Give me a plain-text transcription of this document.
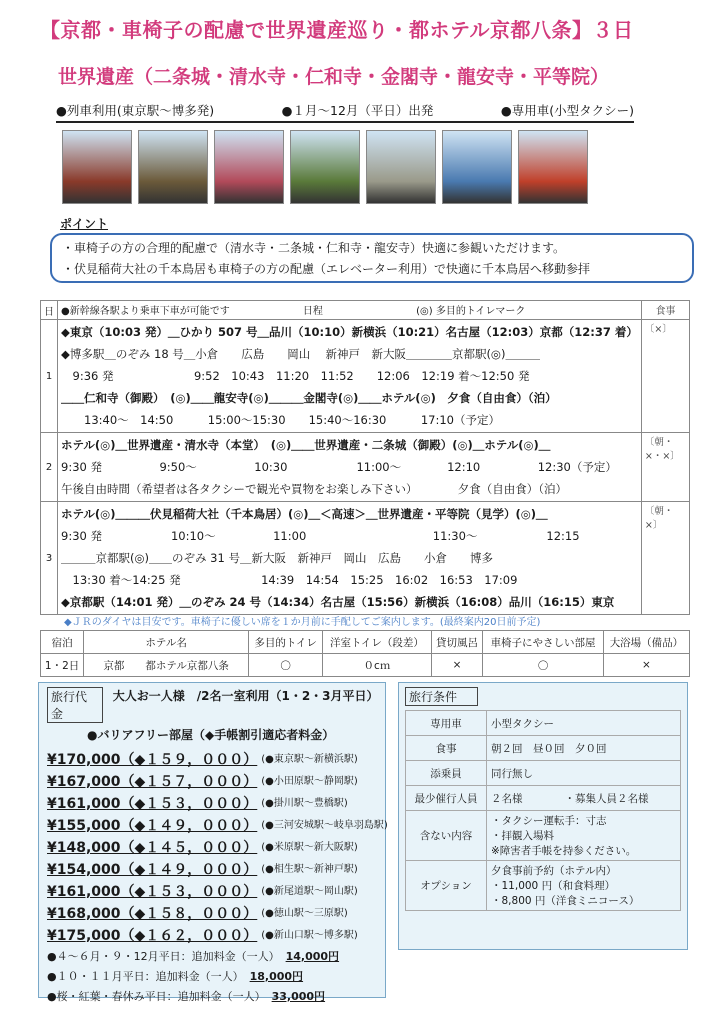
【京都・車椅子の配慮で世界遺産巡り・都ホテル京都八条】３日
世界遺産（二条城・清水寺・仁和寺・金閣寺・龍安寺・平等院）
●列車利用(東京駅～博多発)	●１月～12月（平日）出発	●専用車(小型タクシー)
ポイント
・車椅子の方の合理的配慮で（清水寺・二条城・仁和寺・龍安寺）快適に参観いただけます。
・伏見稲荷大社の千本鳥居も車椅子の方の配慮（エレベーター利用）で快適に千本鳥居へ移動参拝
日	●新幹線各駅より乗車下車が可能です 日程 (◎) 多目的トイレマーク	食事
1	◆東京（10:03 発）＿ひかり 507 号＿品川（10:10）新横浜（10:21）名古屋（12:03）京都（12:37 着）
◆博多駅＿のぞみ 18 号＿小倉　　広島　　岡山　 新神戸　新大阪＿＿＿＿京都駅(◎)＿＿＿
　9:36 発　　　　　　　9:52　10:43　11:20　11:52　　12:06　12:19 着～12:50 発
＿＿仁和寺（御殿）　(◎)＿＿龍安寺(◎)＿＿＿金閣寺(◎)＿＿ホテル(◎)　夕食（自由食）（泊）
　　13:40～　14:50　　　15:00～15:30　　15:40～16:30　　　17:10（予定）	〔×〕
2	ホテル(◎)＿世界遺産・清水寺（本堂）　(◎)＿＿世界遺産・二条城（御殿）(◎)＿ホテル(◎)＿
9:30 発　　　　　9:50～　　　　　10:30　　　　　　11:00～　　　　12:10　　　　　12:30（予定）
午後自由時間（希望者は各タクシーで観光や買物をお楽しみ下さい）　　　　夕食（自由食）（泊）	〔朝・×・×〕
3	ホテル(◎)＿＿＿伏見稲荷大社（千本鳥居）(◎)＿＜高速＞＿世界遺産・平等院（見学）(◎)＿
9:30 発　　　　　　10:10～　　　　　11:00　　　　　　　　　　　11:30～　　　　　　12:15
＿＿＿京都駅(◎)＿＿のぞみ 31 号＿新大阪　新神戸　岡山　広島　　小倉　　博多
　13:30 着～14:25 発　　　　　　　14:39　14:54　15:25　16:02　16:53　17:09
◆京都駅（14:01 発）＿のぞみ 24 号（14:34）名古屋（15:56）新横浜（16:08）品川（16:15）東京	〔朝・×〕
◆ＪＲのダイヤは目安です。車椅子に優しい席を１か月前に手配してご案内します。(最終案内20日前予定)
宿泊	ホテル名	多目的トイレ	洋室トイレ（段差）	貸切風呂	車椅子にやさしい部屋	大浴場（備品）
1・2日	京都　　都ホテル京都八条	〇	０cｍ	×	〇	×
旅行代金
大人お一人様　/2名一室利用（1・2・3月平日）
●バリアフリー部屋（◆手帳割引適応者料金）
¥170,000（◆１５９，０００） (●東京駅～新横浜駅)
¥167,000（◆１５７，０００） (●小田原駅～静岡駅)
¥161,000（◆１５３，０００） (●掛川駅～豊橋駅)
¥155,000（◆１４９，０００） (●三河安城駅～岐阜羽島駅)
¥148,000（◆１４５，０００） (●米原駅～新大阪駅)
¥154,000（◆１４９，０００） (●相生駅～新神戸駅)
¥161,000（◆１５３，０００） (●新尾道駅～岡山駅)
¥168,000（◆１５８，０００） (●徳山駅～三原駅)
¥175,000（◆１６２，０００） (●新山口駅～博多駅)
●４～６月・９・12月平日：追加料金（一人） 14,000円
●１０・１１月平日：追加料金（一人） 18,000円
●桜・紅葉・春休み平日：追加料金（一人） 33,000円
旅行条件
専用車	小型タクシー

食事	朝２回　昼０回　夕０回

添乗員	同行無し

最少催行人員	２名様　　　　・募集人員２名様

含ない内容	・タクシー運転手：寸志
・拝観入場料
※障害者手帳を持参ください。

オプション	夕食事前予約（ホテル内）
・11,000 円（和食料理）
・8,800 円（洋食ミニコース）
